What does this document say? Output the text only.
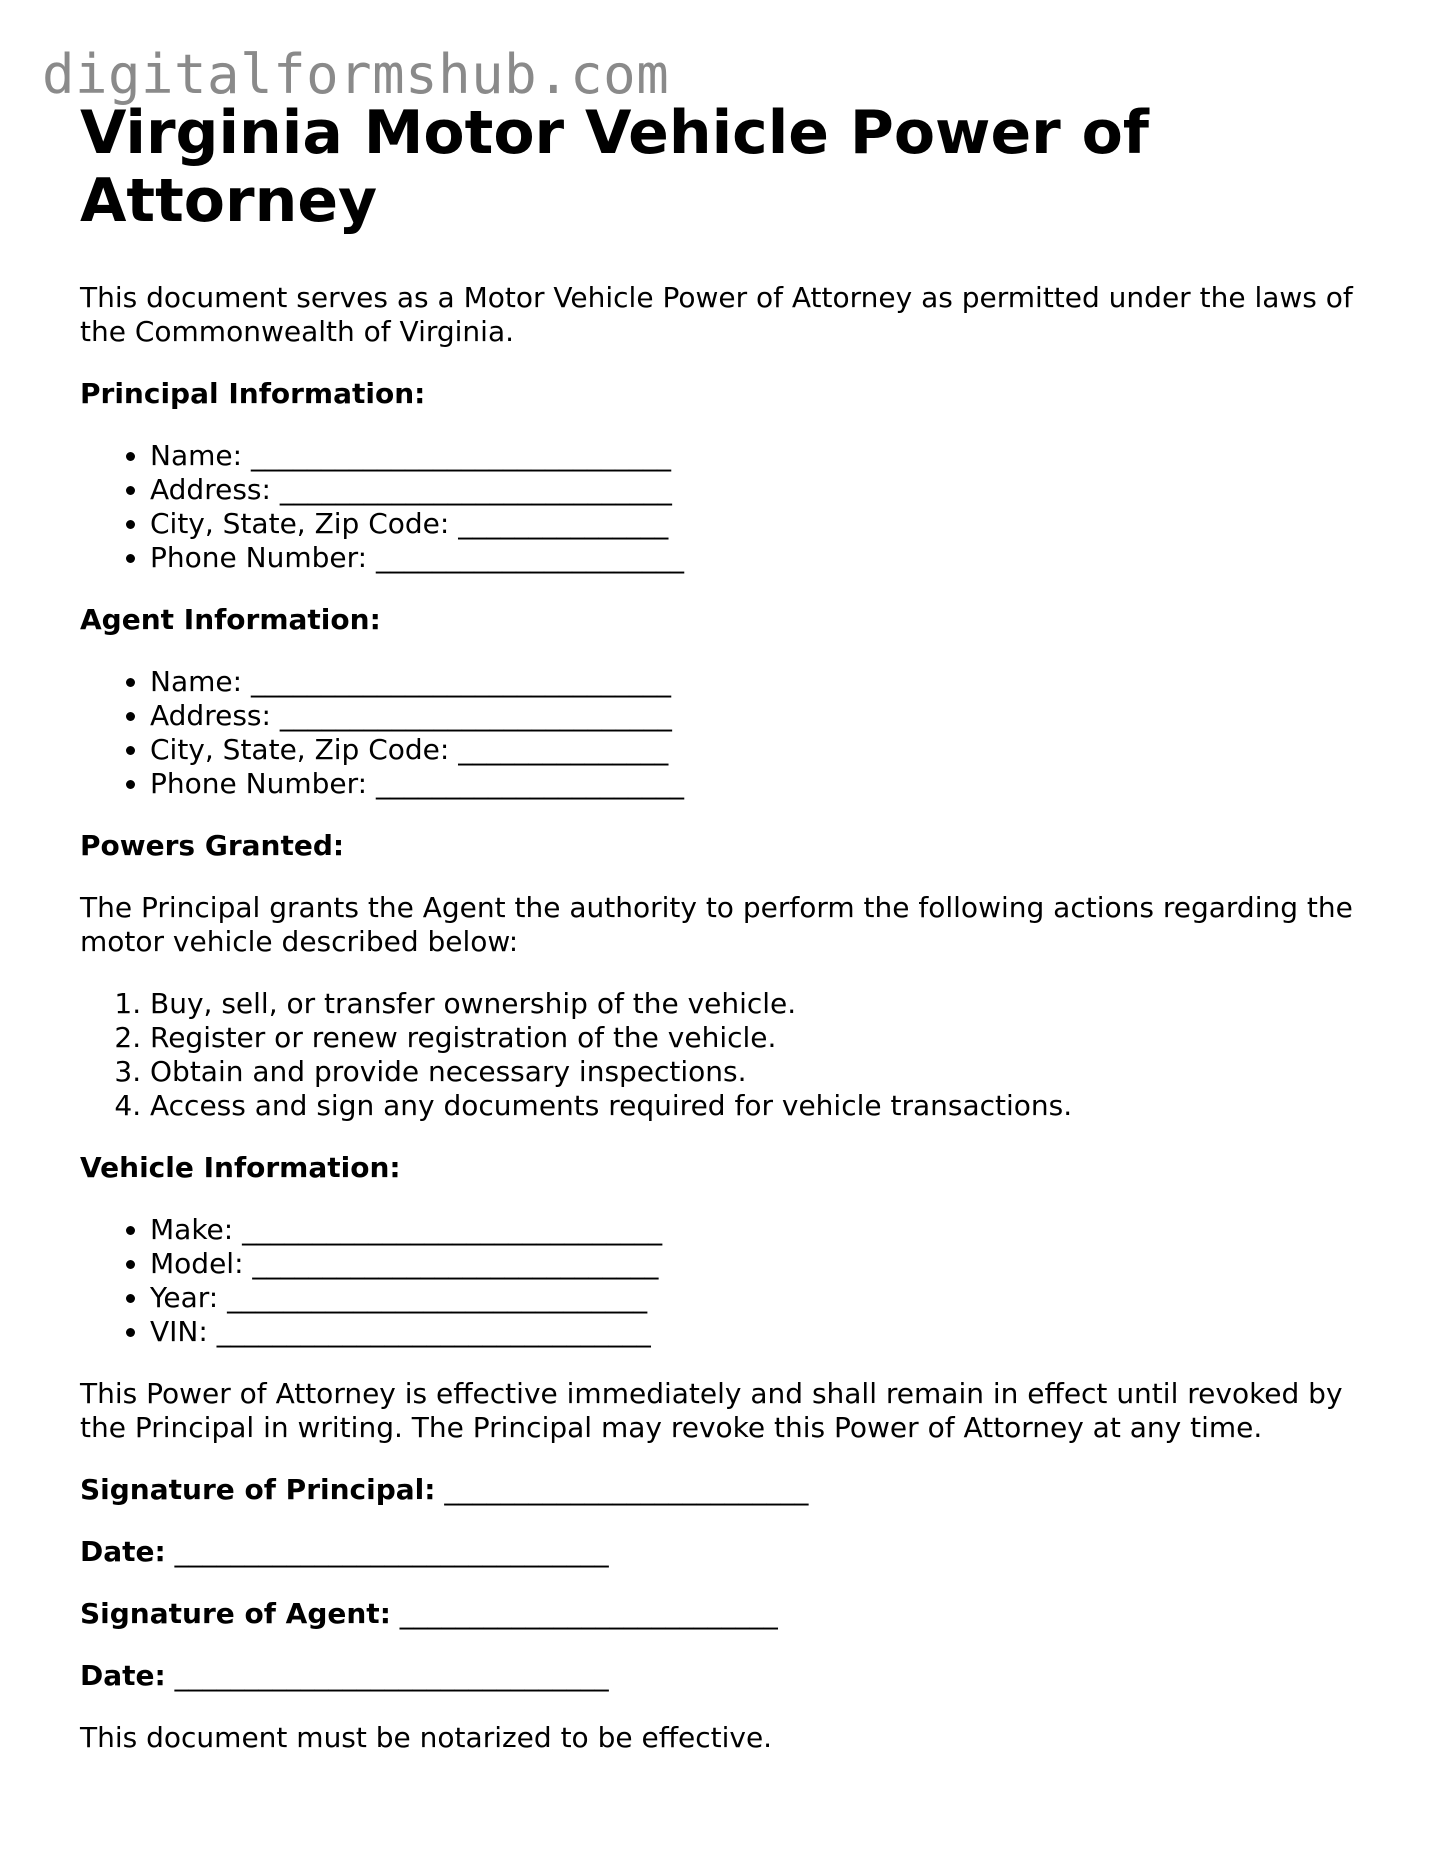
digitalformshub.com
Virginia Motor Vehicle Power of Attorney

This document serves as a Motor Vehicle Power of Attorney as permitted under the laws of the Commonwealth of Virginia.

Principal Information:

• Name: ______________________________
• Address: ____________________________
• City, State, Zip Code: _______________
• Phone Number: ______________________

Agent Information:

• Name: ______________________________
• Address: ____________________________
• City, State, Zip Code: _______________
• Phone Number: ______________________

Powers Granted:

The Principal grants the Agent the authority to perform the following actions regarding the motor vehicle described below:

1. Buy, sell, or transfer ownership of the vehicle.
2. Register or renew registration of the vehicle.
3. Obtain and provide necessary inspections.
4. Access and sign any documents required for vehicle transactions.

Vehicle Information:

• Make: ______________________________
• Model: _____________________________
• Year: ______________________________
• VIN: _______________________________

This Power of Attorney is effective immediately and shall remain in effect until revoked by the Principal in writing. The Principal may revoke this Power of Attorney at any time.

Signature of Principal: __________________________

Date: _______________________________

Signature of Agent: ___________________________

Date: _______________________________

This document must be notarized to be effective.
